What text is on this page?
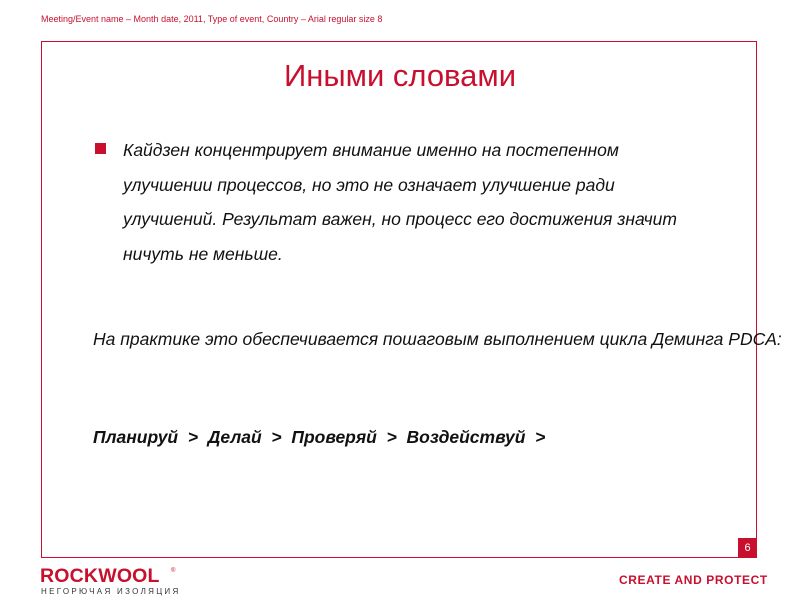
Meeting/Event name – Month date, 2011, Type of event, Country – Arial regular size 8
Иными словами
Кайдзен концентрирует внимание именно на постепенном улучшении процессов, но это не означает улучшение ради улучшений. Результат важен, но процесс его достижения значит ничуть не меньше.
На практике это обеспечивается пошаговым выполнением цикла Деминга PDCA:
Планируй  >  Делай  >  Проверяй  >  Воздействуй  >
6
ROCKWOOL ®
НЕГОРЮЧАЯ ИЗОЛЯЦИЯ
CREATE AND PROTECT
